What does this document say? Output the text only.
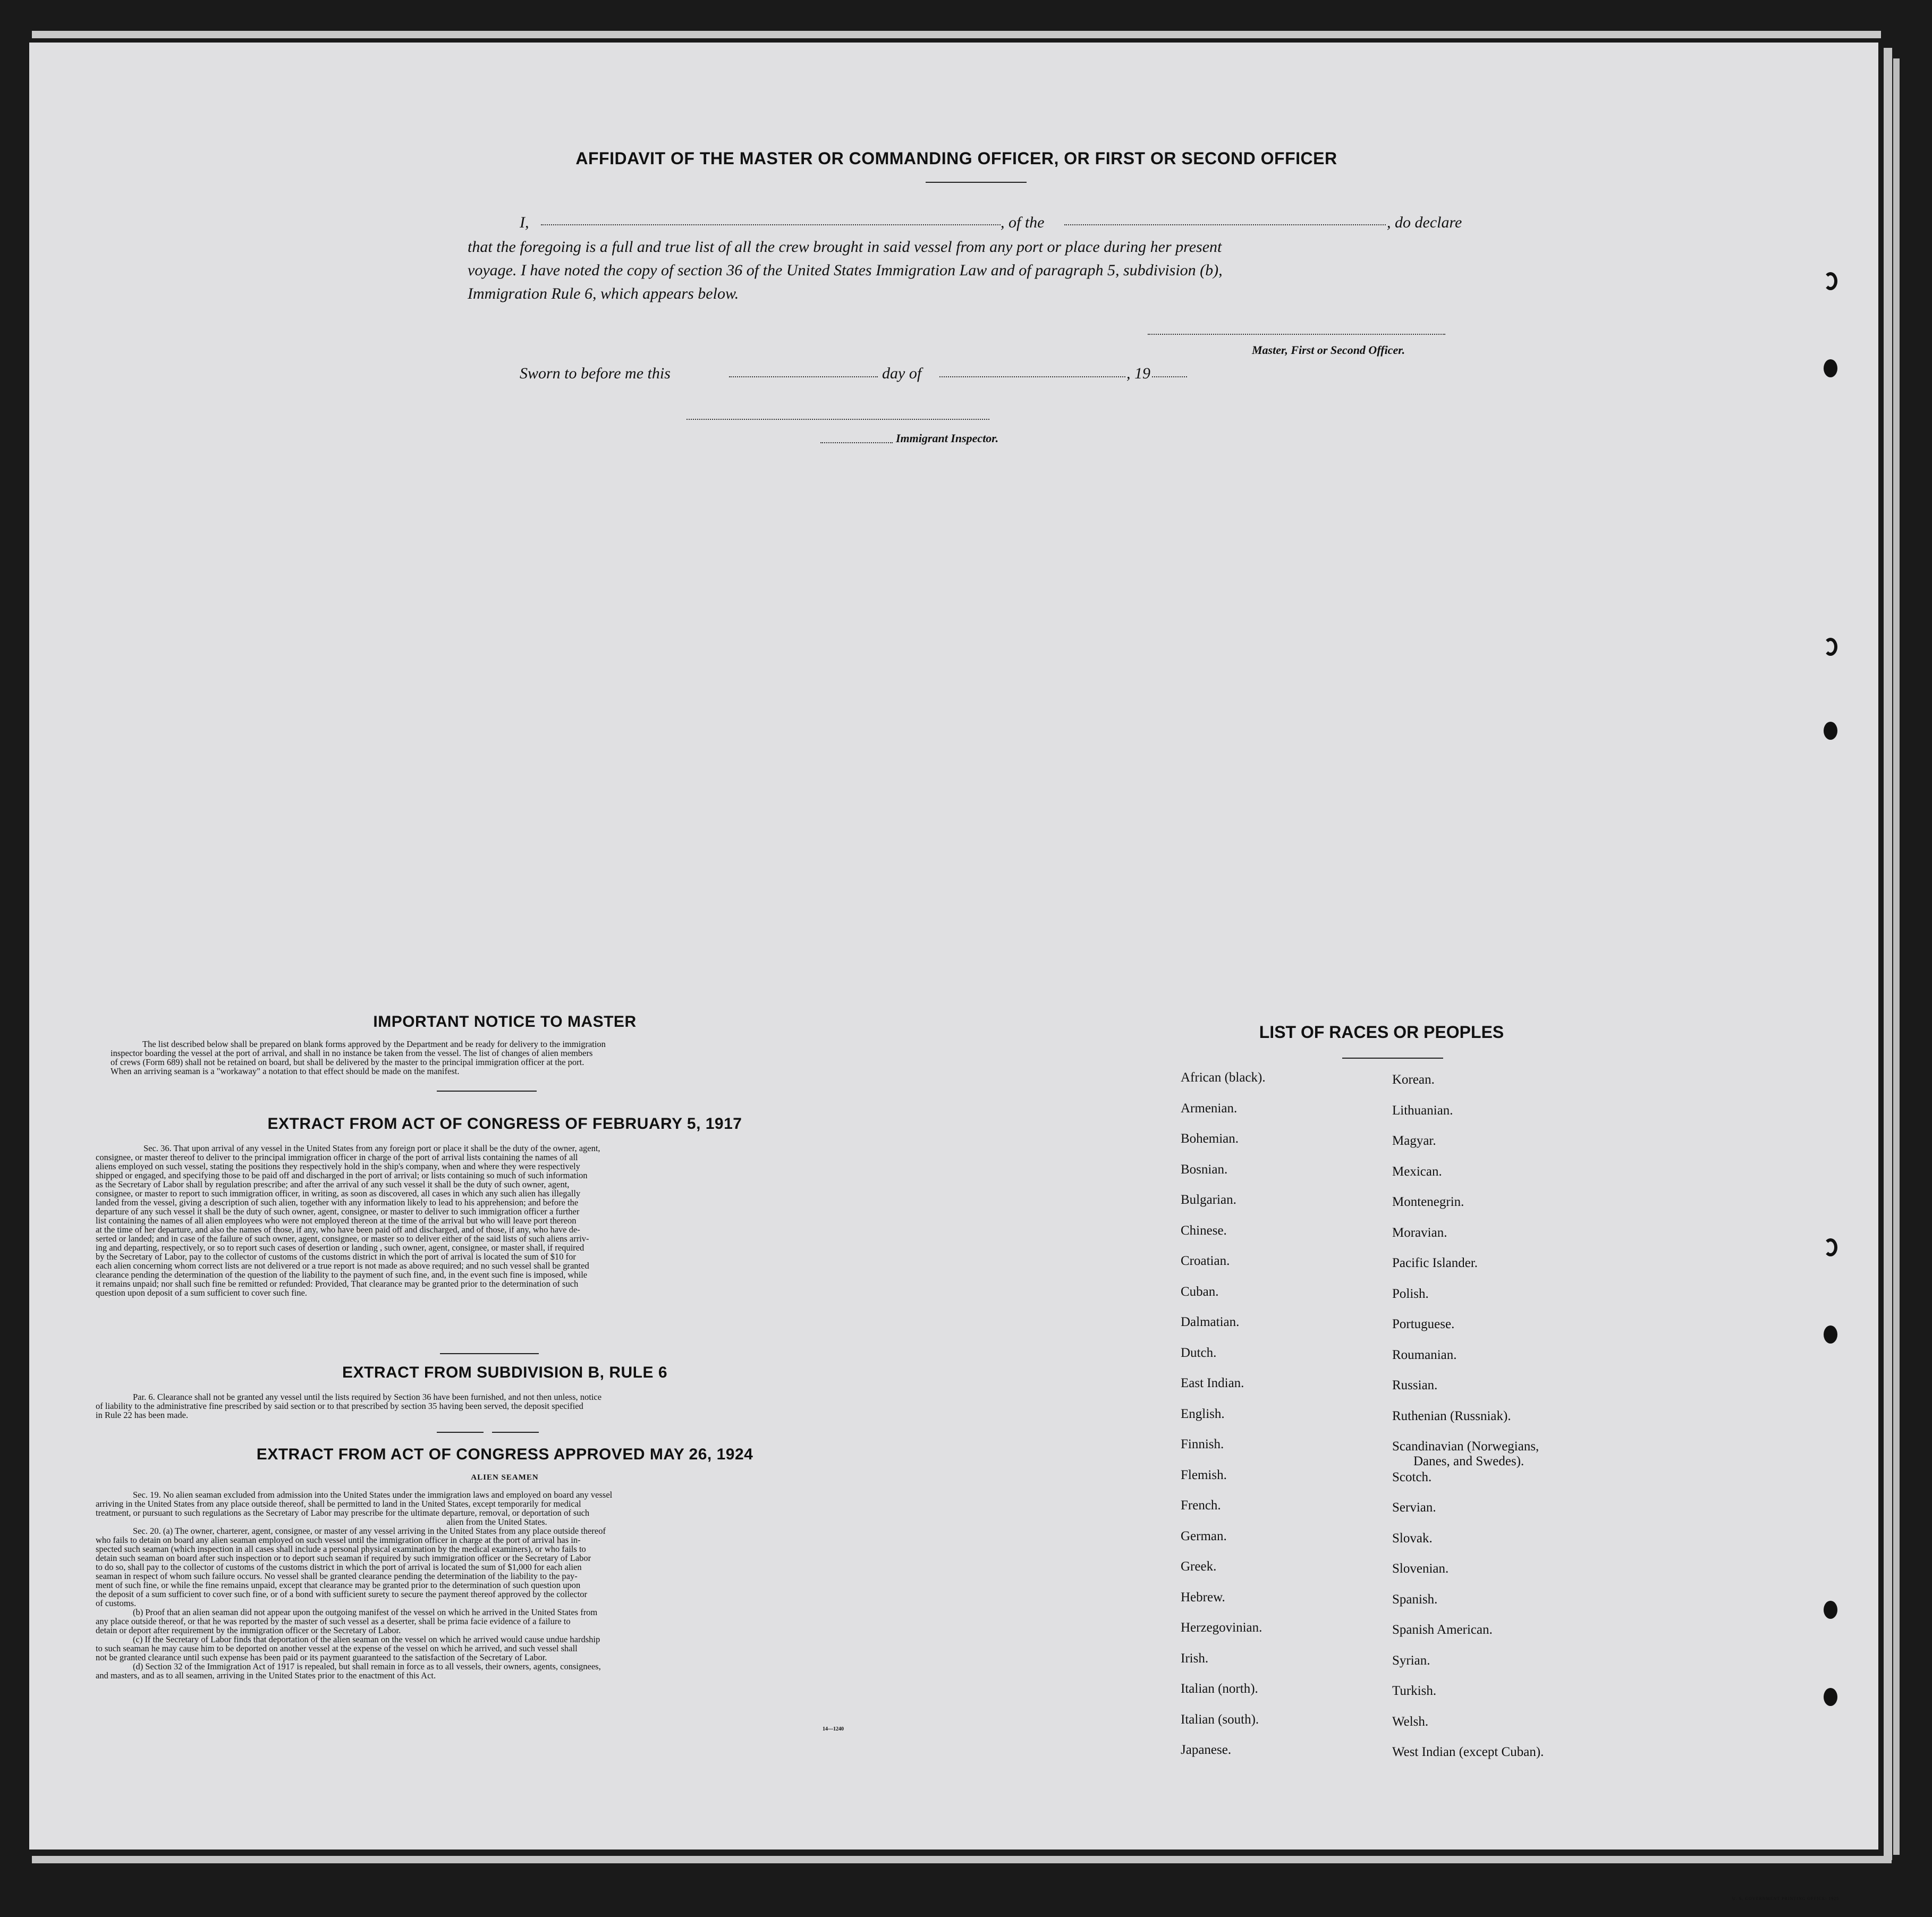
AFFIDAVIT OF THE MASTER OR COMMANDING OFFICER, OR FIRST OR SECOND OFFICER
I,	, of the	, do declare
that the foregoing is a full and true list of all the crew brought in said vessel from any port or place during her present
voyage. I have noted the copy of section 36 of the United States Immigration Law and of paragraph 5, subdivision (b),
Immigration Rule 6, which appears below.
Master, First or Second Officer.
Sworn to before me this	day of	, 19
Immigrant Inspector.
IMPORTANT NOTICE TO MASTER
The list described below shall be prepared on blank forms approved by the Department and be ready for delivery to the immigration
inspector boarding the vessel at the port of arrival, and shall in no instance be taken from the vessel. The list of changes of alien members
of crews (Form 689) shall not be retained on board, but shall be delivered by the master to the principal immigration officer at the port.
When an arriving seaman is a "workaway" a notation to that effect should be made on the manifest.
EXTRACT FROM ACT OF CONGRESS OF FEBRUARY 5, 1917
Sec. 36. That upon arrival of any vessel in the United States from any foreign port or place it shall be the duty of the owner, agent,
consignee, or master thereof to deliver to the principal immigration officer in charge of the port of arrival lists containing the names of all
aliens employed on such vessel, stating the positions they respectively hold in the ship's company, when and where they were respectively
shipped or engaged, and specifying those to be paid off and discharged in the port of arrival; or lists containing so much of such information
as the Secretary of Labor shall by regulation prescribe; and after the arrival of any such vessel it shall be the duty of such owner, agent,
consignee, or master to report to such immigration officer, in writing, as soon as discovered, all cases in which any such alien has illegally
landed from the vessel, giving a description of such alien, together with any information likely to lead to his apprehension; and before the
departure of any such vessel it shall be the duty of such owner, agent, consignee, or master to deliver to such immigration officer a further
list containing the names of all alien employees who were not employed thereon at the time of the arrival but who will leave port thereon
at the time of her departure, and also the names of those, if any, who have been paid off and discharged, and of those, if any, who have de-
serted or landed; and in case of the failure of such owner, agent, consignee, or master so to deliver either of the said lists of such aliens arriv-
ing and departing, respectively, or so to report such cases of desertion or landing , such owner, agent, consignee, or master shall, if required
by the Secretary of Labor, pay to the collector of customs of the customs district in which the port of arrival is located the sum of $10 for
each alien concerning whom correct lists are not delivered or a true report is not made as above required; and no such vessel shall be granted
clearance pending the determination of the question of the liability to the payment of such fine, and, in the event such fine is imposed, while
it remains unpaid; nor shall such fine be remitted or refunded: Provided, That clearance may be granted prior to the determination of such
question upon deposit of a sum sufficient to cover such fine.
EXTRACT FROM SUBDIVISION B, RULE 6
Par. 6. Clearance shall not be granted any vessel until the lists required by Section 36 have been furnished, and not then unless, notice
of liability to the administrative fine prescribed by said section or to that prescribed by section 35 having been served, the deposit specified
in Rule 22 has been made.
EXTRACT FROM ACT OF CONGRESS APPROVED MAY 26, 1924
ALIEN SEAMEN
Sec. 19. No alien seaman excluded from admission into the United States under the immigration laws and employed on board any vessel
arriving in the United States from any place outside thereof, shall be permitted to land in the United States, except temporarily for medical
treatment, or pursuant to such regulations as the Secretary of Labor may prescribe for the ultimate departure, removal, or deportation of such
alien from the United States.
Sec. 20. (a) The owner, charterer, agent, consignee, or master of any vessel arriving in the United States from any place outside thereof
who fails to detain on board any alien seaman employed on such vessel until the immigration officer in charge at the port of arrival has in-
spected such seaman (which inspection in all cases shall include a personal physical examination by the medical examiners), or who fails to
detain such seaman on board after such inspection or to deport such seaman if required by such immigration officer or the Secretary of Labor
to do so, shall pay to the collector of customs of the customs district in which the port of arrival is located the sum of $1,000 for each alien
seaman in respect of whom such failure occurs. No vessel shall be granted clearance pending the determination of the liability to the pay-
ment of such fine, or while the fine remains unpaid, except that clearance may be granted prior to the determination of such question upon
the deposit of a sum sufficient to cover such fine, or of a bond with sufficient surety to secure the payment thereof approved by the collector
of customs.
(b) Proof that an alien seaman did not appear upon the outgoing manifest of the vessel on which he arrived in the United States from
any place outside thereof, or that he was reported by the master of such vessel as a deserter, shall be prima facie evidence of a failure to
detain or deport after requirement by the immigration officer or the Secretary of Labor.
(c) If the Secretary of Labor finds that deportation of the alien seaman on the vessel on which he arrived would cause undue hardship
to such seaman he may cause him to be deported on another vessel at the expense of the vessel on which he arrived, and such vessel shall
not be granted clearance until such expense has been paid or its payment guaranteed to the satisfaction of the Secretary of Labor.
(d) Section 32 of the Immigration Act of 1917 is repealed, but shall remain in force as to all vessels, their owners, agents, consignees,
and masters, and as to all seamen, arriving in the United States prior to the enactment of this Act.
14—1240
LIST OF RACES OR PEOPLES
African (black).
Armenian.
Bohemian.
Bosnian.
Bulgarian.
Chinese.
Croatian.
Cuban.
Dalmatian.
Dutch.
East Indian.
English.
Finnish.
Flemish.
French.
German.
Greek.
Hebrew.
Herzegovinian.
Irish.
Italian (north).
Italian (south).
Japanese.
Korean.
Lithuanian.
Magyar.
Mexican.
Montenegrin.
Moravian.
Pacific Islander.
Polish.
Portuguese.
Roumanian.
Russian.
Ruthenian (Russniak).
Scandinavian (Norwegians,
Danes, and Swedes).
Scotch.
Servian.
Slovak.
Slovenian.
Spanish.
Spanish American.
Syrian.
Turkish.
Welsh.
West Indian (except Cuban).
U. S. GOVERNMENT PRINTING OFFICE: 1925
